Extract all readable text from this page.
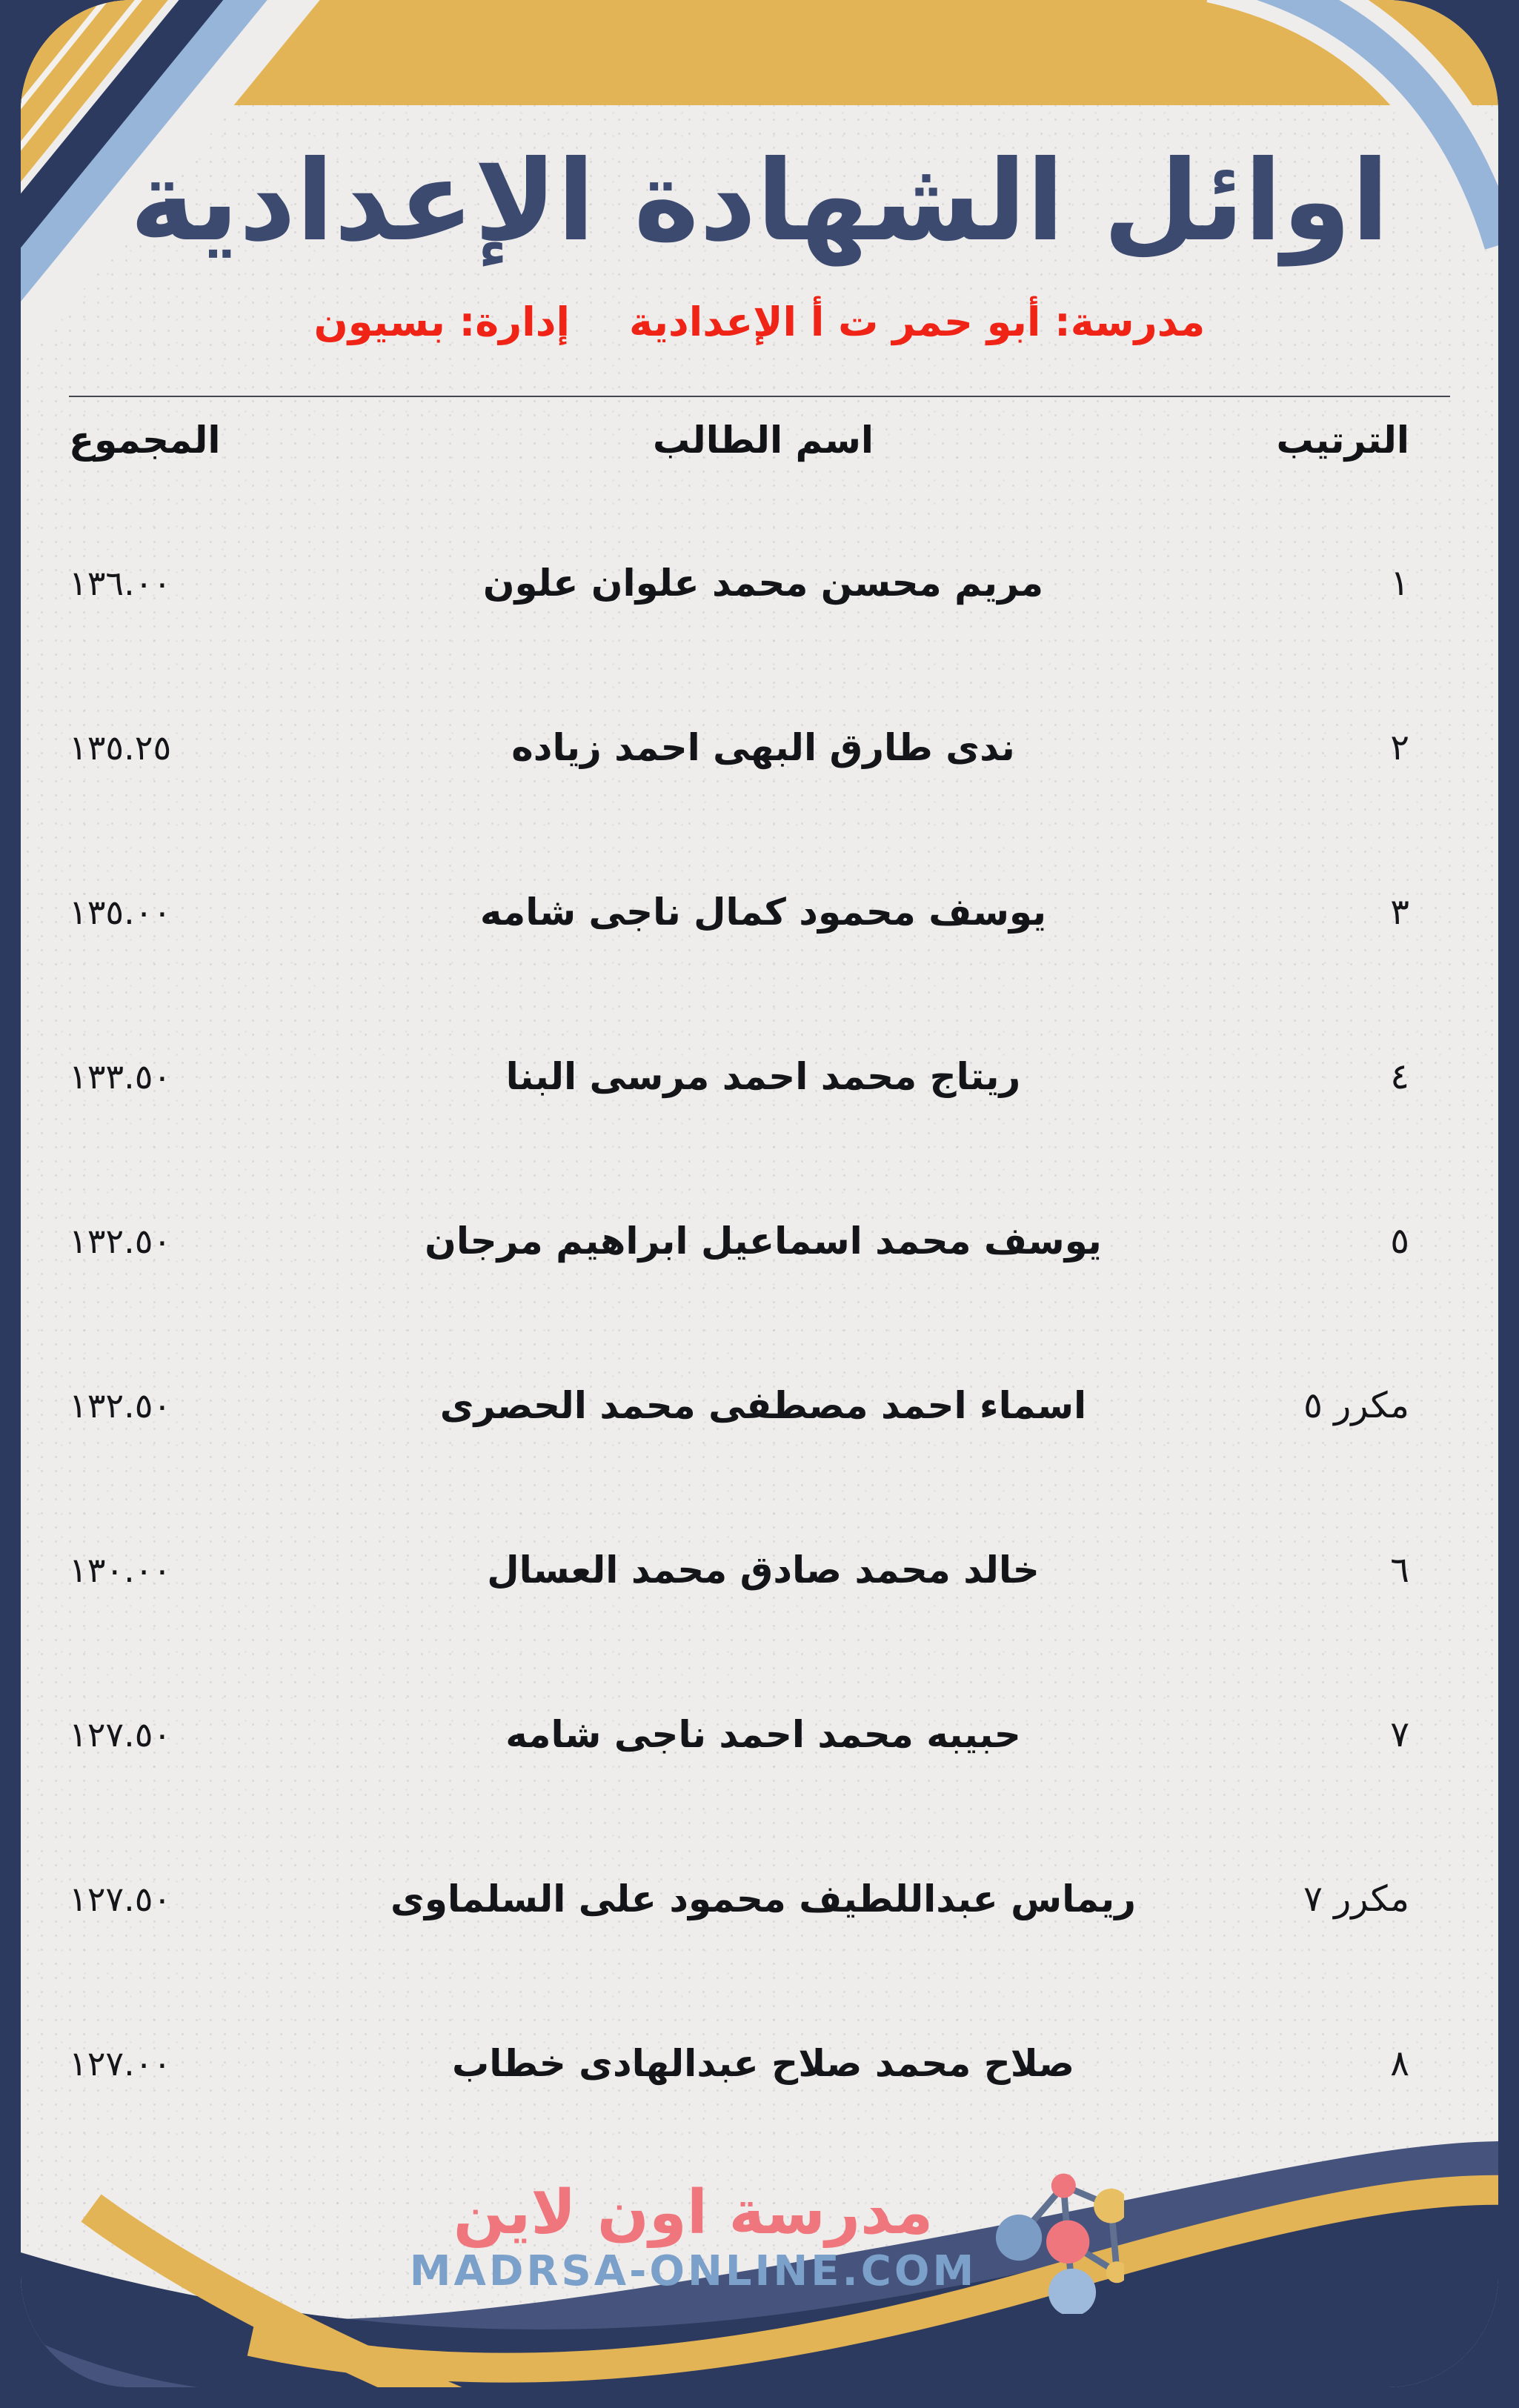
اوائل الشهادة الإعدادية
مدرسة: أبو حمر ت أ الإعدادية
إدارة: بسيون
الترتيب
اسم الطالب
المجموع
١
مريم محسن محمد علوان علون
١٣٦.٠٠
٢
ندى طارق البهى احمد زياده
١٣٥.٢٥
٣
يوسف محمود كمال ناجى شامه
١٣٥.٠٠
٤
ريتاج محمد احمد مرسى البنا
١٣٣.٥٠
٥
يوسف محمد اسماعيل ابراهيم مرجان
١٣٢.٥٠
مكرر ٥
اسماء احمد مصطفى محمد الحصرى
١٣٢.٥٠
٦
خالد محمد صادق محمد العسال
١٣٠.٠٠
٧
حبيبه محمد احمد ناجى شامه
١٢٧.٥٠
مكرر ٧
ريماس عبداللطيف محمود على السلماوى
١٢٧.٥٠
٨
صلاح محمد صلاح عبدالهادى خطاب
١٢٧.٠٠
مدرسة اون لاين
MADRSA-ONLINE.COM
